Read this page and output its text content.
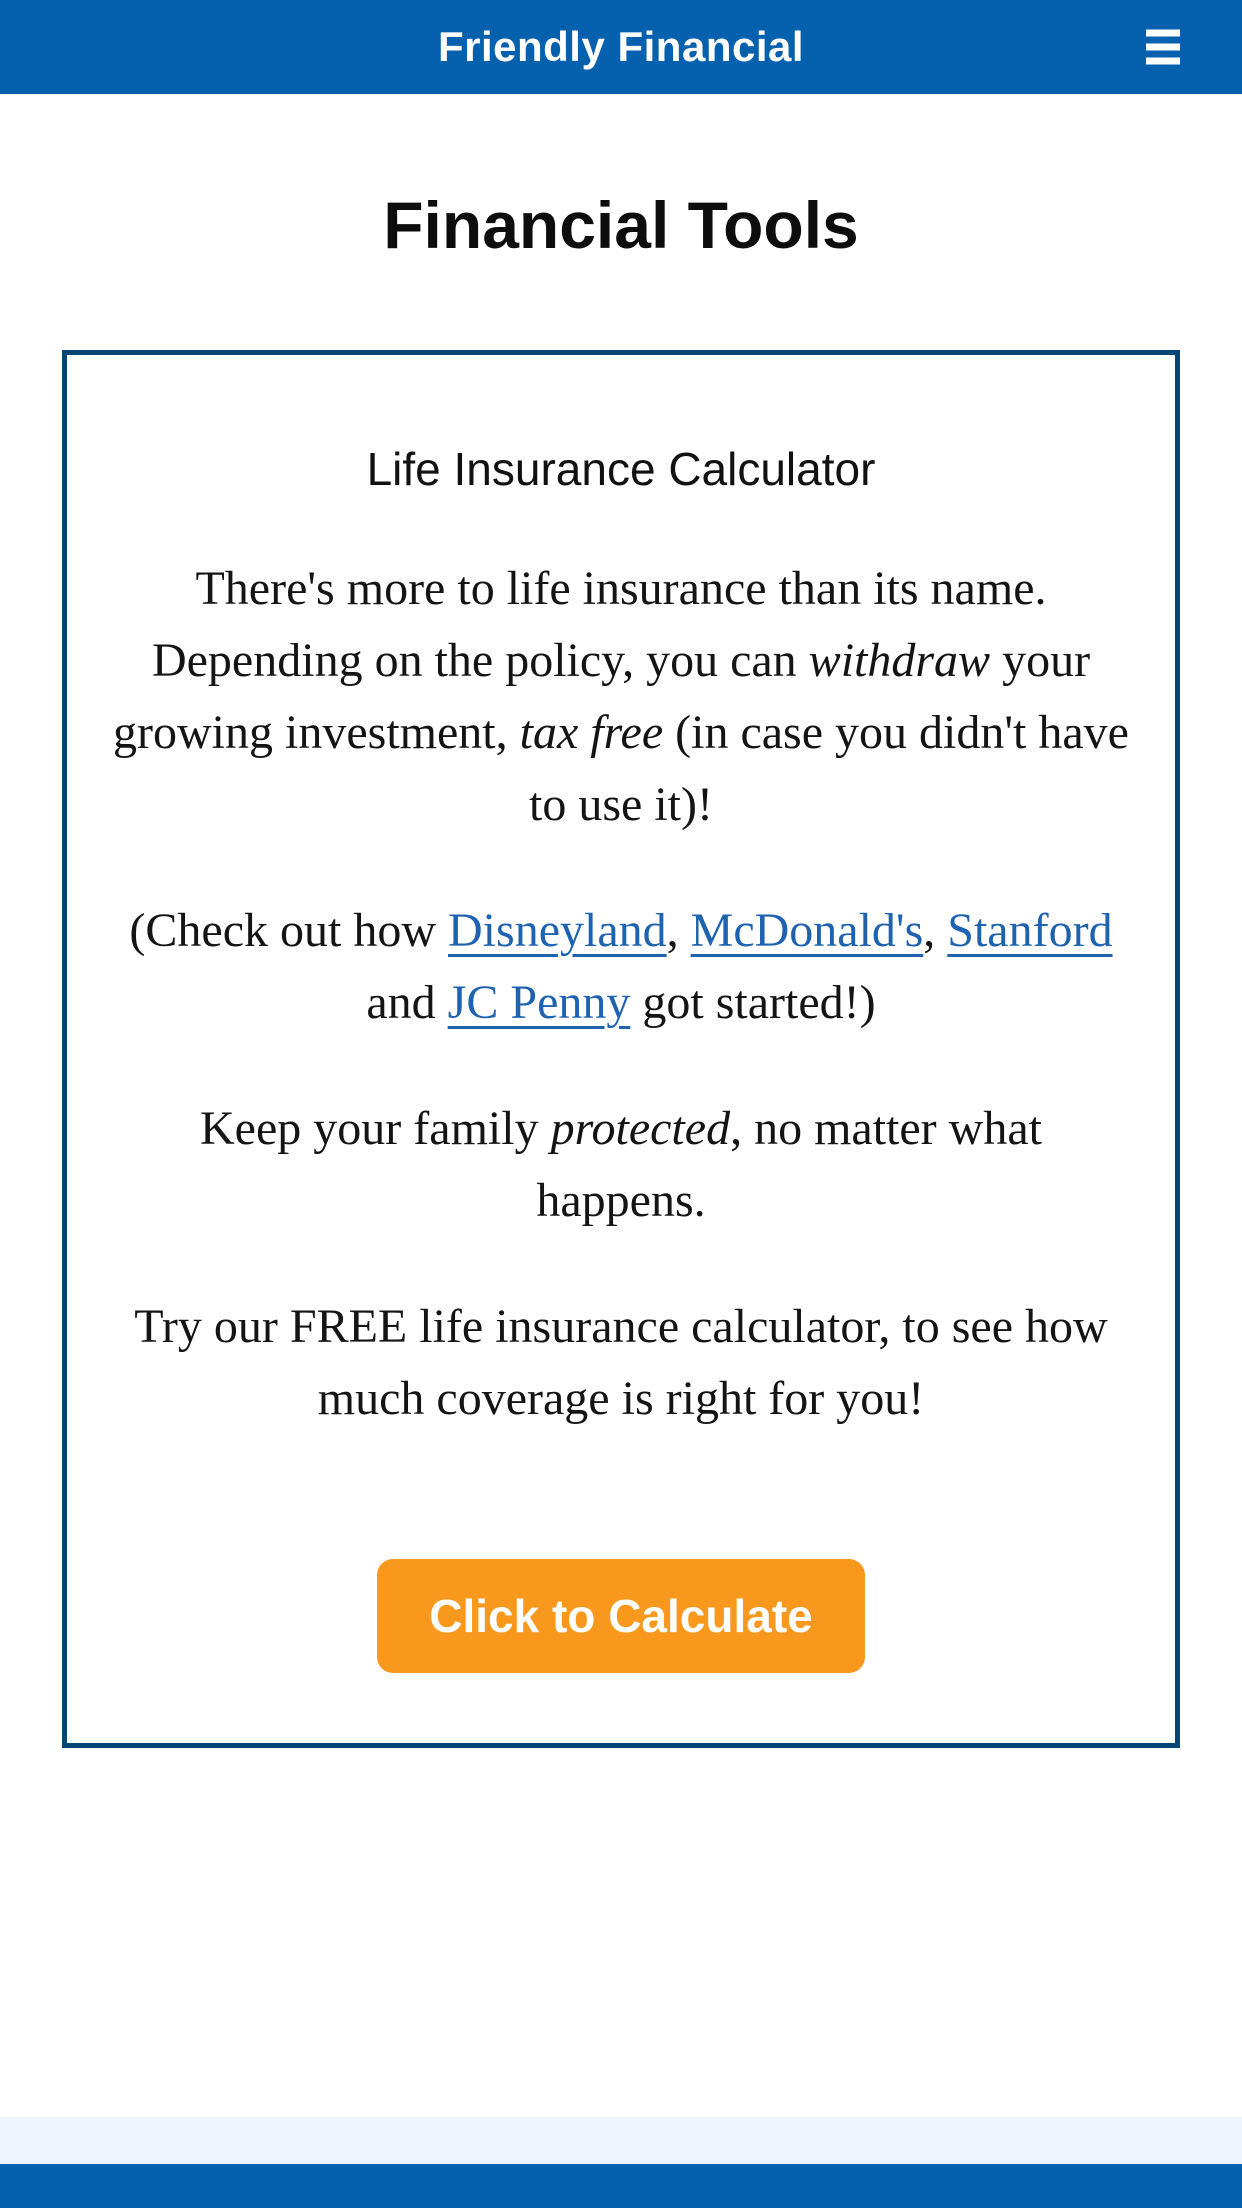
Friendly Financial
Financial Tools
Life Insurance Calculator

There's more to life insurance than its name. Depending on the policy, you can withdraw your growing investment, tax free (in case you didn't have to use it)!

(Check out how Disneyland, McDonald's, Stanford and JC Penny got started!)

Keep your family protected, no matter what happens.

Try our FREE life insurance calculator, to see how much coverage is right for you!

Click to Calculate
